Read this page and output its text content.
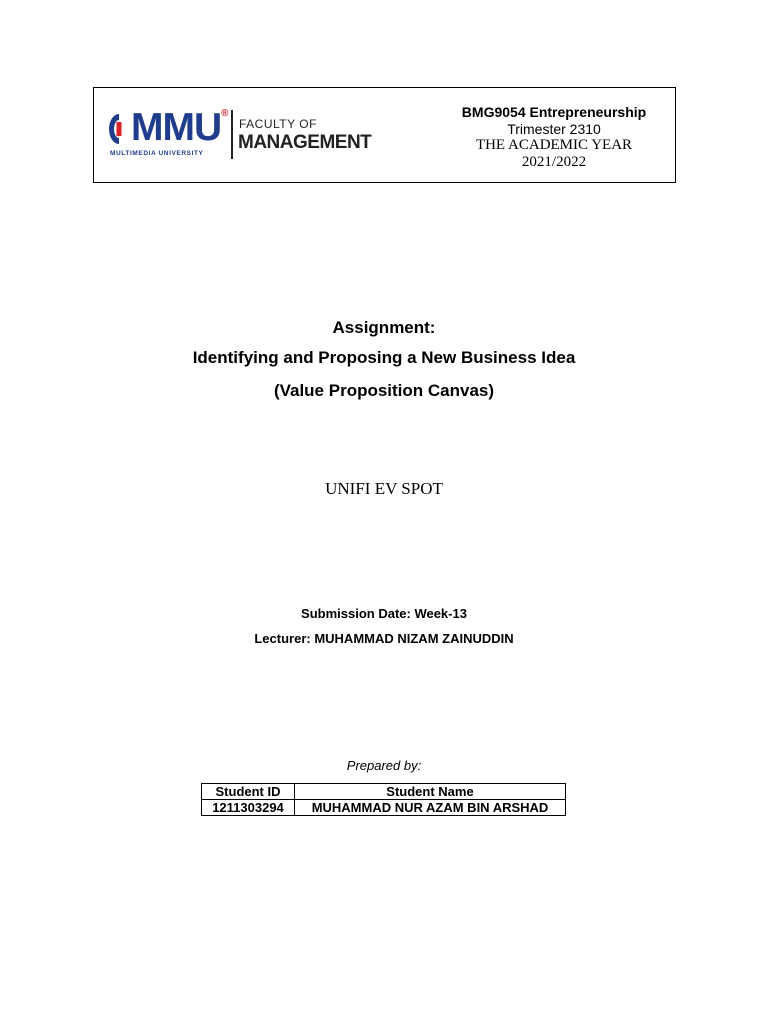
MMU ®
MULTIMEDIA UNIVERSITY
FACULTY OF
MANAGEMENT
BMG9054 Entrepreneurship
Trimester 2310
THE ACADEMIC YEAR
2021/2022
Assignment:
Identifying and Proposing a New Business Idea
(Value Proposition Canvas)
UNIFI EV SPOT
Submission Date: Week-13
Lecturer: MUHAMMAD NIZAM ZAINUDDIN
Prepared by:
Student ID	Student Name
1211303294	MUHAMMAD NUR AZAM BIN ARSHAD
